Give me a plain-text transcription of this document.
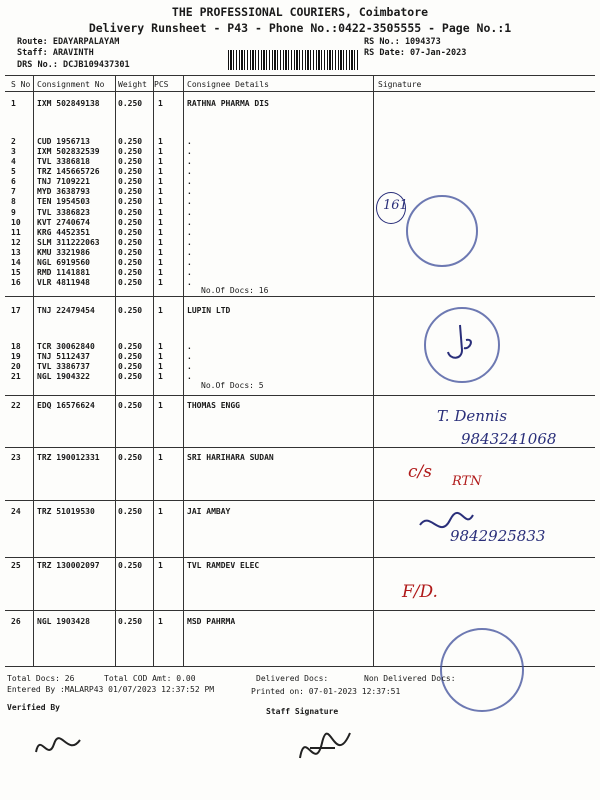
THE PROFESSIONAL COURIERS, Coimbatore
Delivery Runsheet - P43 - Phone No.:0422-3505555 - Page No.:1
Route: EDAYARPALAYAM
Staff: ARAVINTH
DRS No.: DCJB109437301
RS No.: 1094373
RS Date: 07-Jan-2023
S No Consignment No Weight PCS Consignee Details	Signature
1	IXM 502849138 0.250 1	RATHNA PHARMA DIS
2	CUD 1956713	0.250 1	.
3	IXM 502832539 0.250 1	.
4	TVL 3386818	0.250 1	.
5	TRZ 145665726 0.250 1	.
6	TNJ 7109221	0.250 1	.
7	MYD 3638793	0.250 1	.
8	TEN 1954503	0.250 1	.
9	TVL 3386823	0.250 1	.
10 KVT 2740674	0.250 1	.
11 KRG 4452351	0.250 1	.
12 SLM 311222063 0.250 1	.
13 KMU 3321986	0.250 1	.
14 NGL 6919560	0.250 1	.
15 RMD 1141881	0.250 1	.
16 VLR 4811948	0.250 1	.
No.Of Docs: 16
17 TNJ 22479454	0.250 1	LUPIN LTD
18 TCR 30062840	0.250 1	.
19 TNJ 5112437	0.250 1	.
20 TVL 3386737	0.250 1	.
21 NGL 1904322	0.250 1	.
No.Of Docs: 5
22 EDQ 16576624	0.250 1	THOMAS ENGG
23 TRZ 190012331 0.250 1	SRI HARIHARA SUDAN
24 TRZ 51019530	0.250 1	JAI AMBAY
25 TRZ 130002097 0.250 1	TVL RAMDEV ELEC
26 NGL 1903428	0.250 1	MSD PAHRMA
161
T. Dennis
9843241068
c/s RTN
9842925833
F/D.
Total Docs: 26	Total COD Amt: 0.00	Delivered Docs:	Non Delivered Docs:
Entered By :MALARP43 01/07/2023 12:37:52 PM	Printed on: 07-01-2023 12:37:51
Verified By	Staff Signature
